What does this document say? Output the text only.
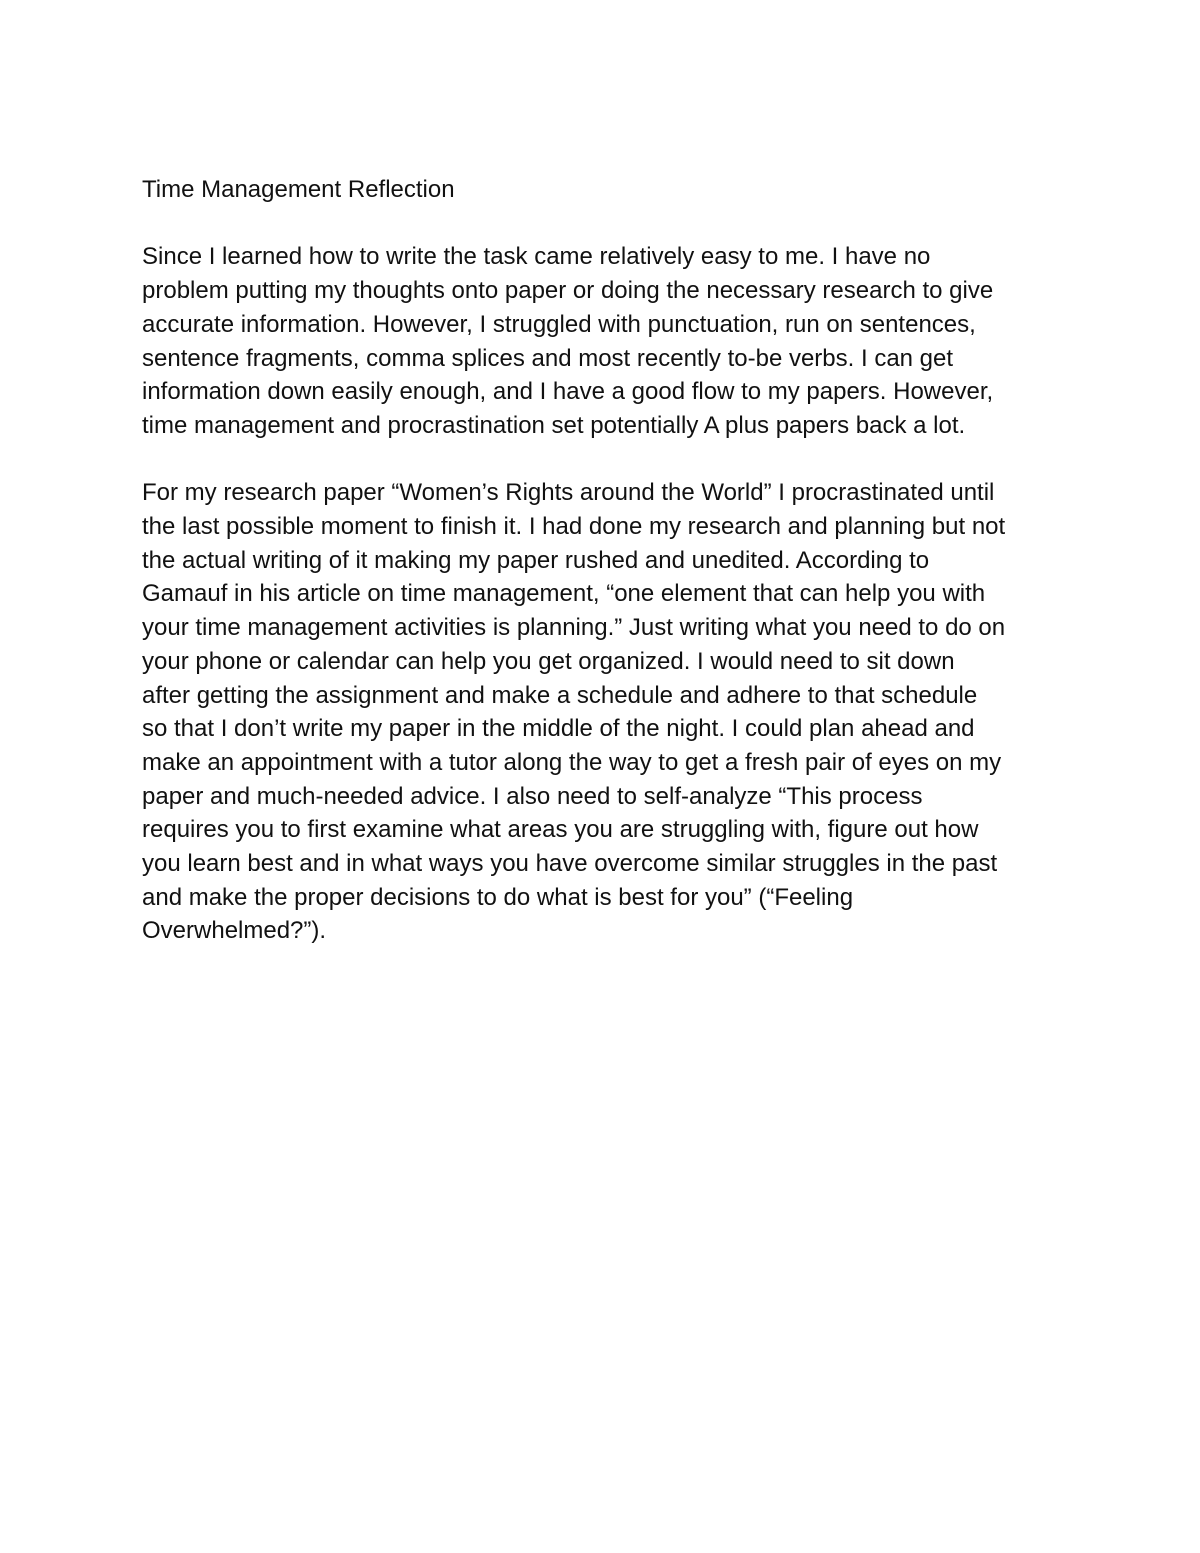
Time Management Reflection
Since I learned how to write the task came relatively easy to me. I have no
problem putting my thoughts onto paper or doing the necessary research to give
accurate information. However, I struggled with punctuation, run on sentences,
sentence fragments, comma splices and most recently to-be verbs. I can get
information down easily enough, and I have a good flow to my papers. However,
time management and procrastination set potentially A plus papers back a lot.
For my research paper “Women’s Rights around the World” I procrastinated until
the last possible moment to finish it. I had done my research and planning but not
the actual writing of it making my paper rushed and unedited. According to
Gamauf in his article on time management, “one element that can help you with
your time management activities is planning.” Just writing what you need to do on
your phone or calendar can help you get organized. I would need to sit down
after getting the assignment and make a schedule and adhere to that schedule
so that I don’t write my paper in the middle of the night. I could plan ahead and
make an appointment with a tutor along the way to get a fresh pair of eyes on my
paper and much-needed advice. I also need to self-analyze “This process
requires you to first examine what areas you are struggling with, figure out how
you learn best and in what ways you have overcome similar struggles in the past
and make the proper decisions to do what is best for you” (“Feeling
Overwhelmed?”).
